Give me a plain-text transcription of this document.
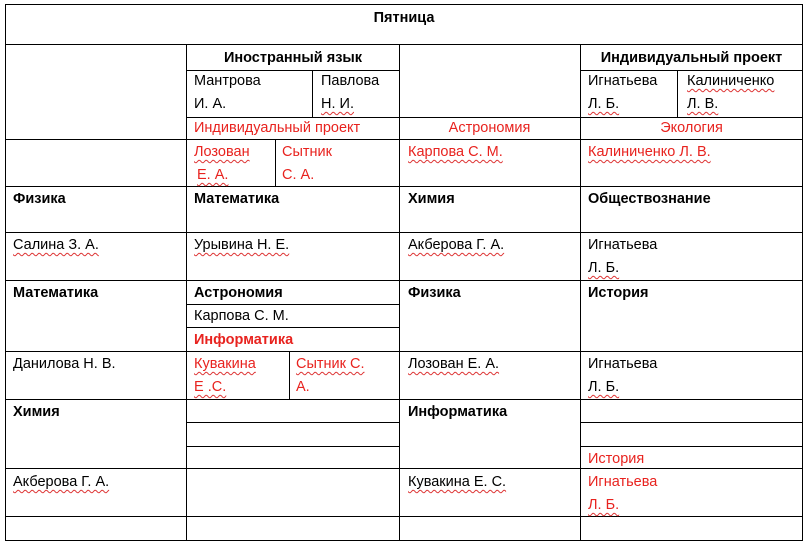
Пятница
Иностранный язык
Мантрова
И. А.
Павлова
Н. И.
Индивидуальный проект
Лозован
Е. А.
Сытник
С. А.
Математика
Урывина Н. Е.
Астрономия
Карпова С. М.
Информатика
Кувакина
Е .С.
Сытник С.
А.
Физика
Салина З. А.
Математика
Данилова Н. В.
Химия
Акберова Г. А.
Астрономия
Карпова С. М.
Химия
Акберова Г. А.
Физика
Лозован Е. А.
Информатика
Кувакина Е. С.
Индивидуальный проект
Игнатьева
Л. Б.
Калиниченко
Л. В.
Экология
Калиниченко Л. В.
Обществознание
Игнатьева
Л. Б.
История
Игнатьева
Л. Б.
История
Игнатьева
Л. Б.
